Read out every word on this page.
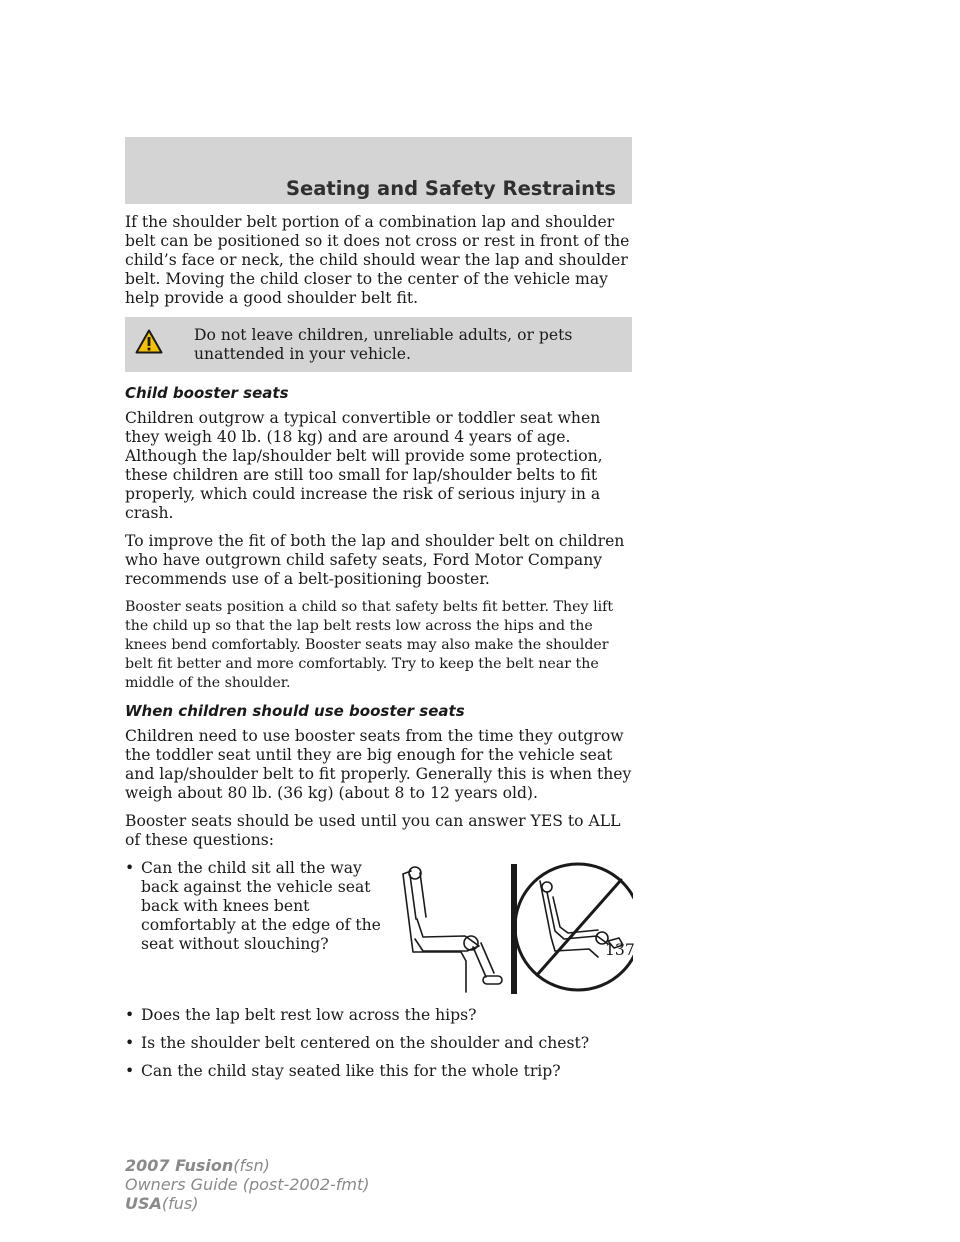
Seating and Safety Restraints

If the shoulder belt portion of a combination lap and shoulder belt can be positioned so it does not cross or rest in front of the child’s face or neck, the child should wear the lap and shoulder belt. Moving the child closer to the center of the vehicle may help provide a good shoulder belt fit.

Do not leave children, unreliable adults, or pets unattended in your vehicle.

Child booster seats

Children outgrow a typical convertible or toddler seat when they weigh 40 lb. (18 kg) and are around 4 years of age. Although the lap/shoulder belt will provide some protection, these children are still too small for lap/shoulder belts to fit properly, which could increase the risk of serious injury in a crash.

To improve the fit of both the lap and shoulder belt on children who have outgrown child safety seats, Ford Motor Company recommends use of a belt-positioning booster.

Booster seats position a child so that safety belts fit better. They lift the child up so that the lap belt rests low across the hips and the knees bend comfortably. Booster seats may also make the shoulder belt fit better and more comfortably. Try to keep the belt near the middle of the shoulder.

When children should use booster seats

Children need to use booster seats from the time they outgrow the toddler seat until they are big enough for the vehicle seat and lap/shoulder belt to fit properly. Generally this is when they weigh about 80 lb. (36 kg) (about 8 to 12 years old).

Booster seats should be used until you can answer YES to ALL of these questions:

• Can the child sit all the way back against the vehicle seat back with knees bent comfortably at the edge of the seat without slouching?

• Does the lap belt rest low across the hips?

• Is the shoulder belt centered on the shoulder and chest?

• Can the child stay seated like this for the whole trip?

137
2007 Fusion(fsn)
Owners Guide (post-2002-fmt)
USA(fus)
